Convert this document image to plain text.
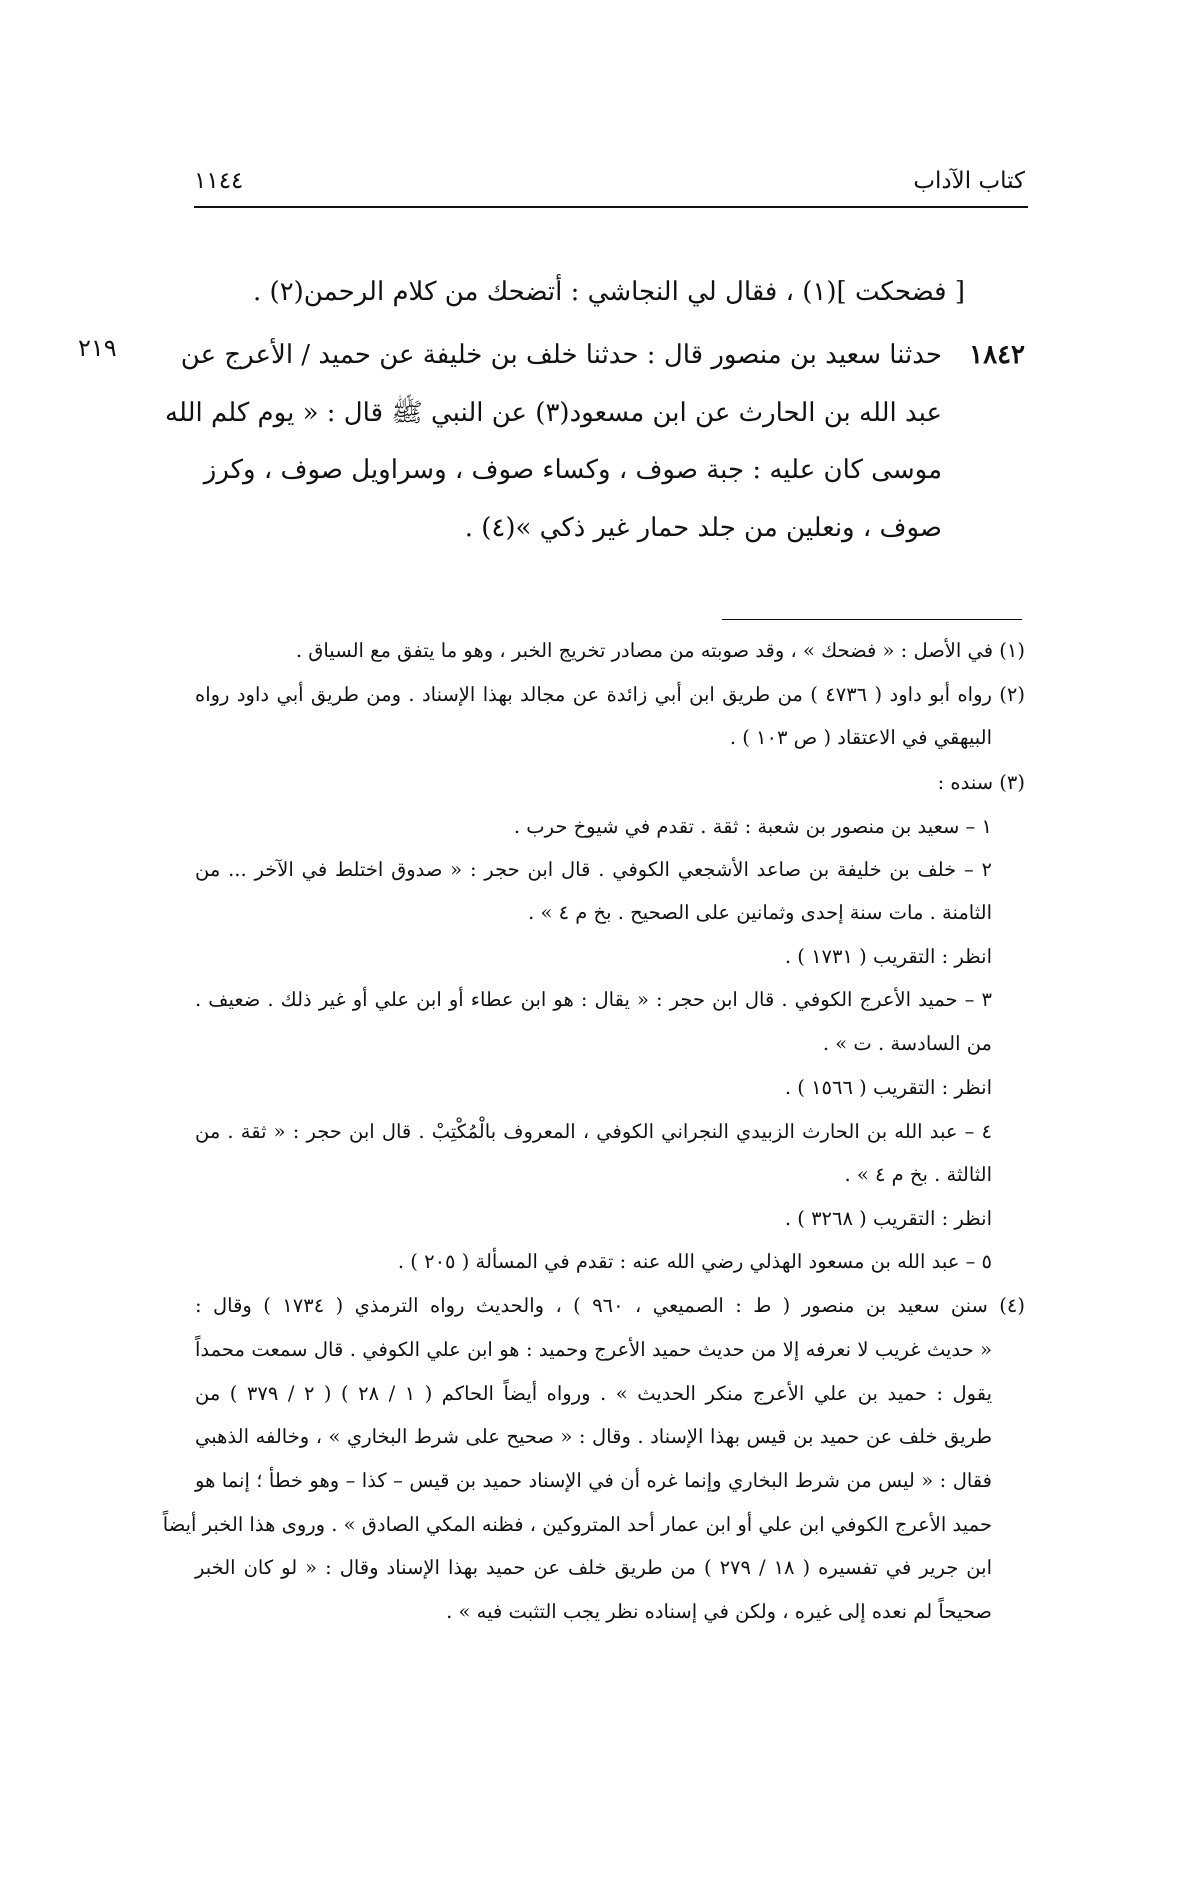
كتاب الآداب
١١٤٤
٢١٩
[ فضحكت ](١) ، فقال لي النجاشي : أتضحك من كلام الرحمن(٢) .
١٨٤٢
حدثنا سعيد بن منصور قال : حدثنا خلف بن خليفة عن حميد / الأعرج عن
عبد الله بن الحارث عن ابن مسعود(٣) عن النبي ﷺ قال : « يوم كلم الله
موسى كان عليه : جبة صوف ، وكساء صوف ، وسراويل صوف ، وكرز
صوف ، ونعلين من جلد حمار غير ذكي »(٤) .
(١) في الأصل : « فضحك » ، وقد صوبته من مصادر تخريج الخبر ، وهو ما يتفق مع السياق .
(٢) رواه أبو داود ( ٤٧٣٦ ) من طريق ابن أبي زائدة عن مجالد بهذا الإسناد . ومن طريق أبي داود رواه
البيهقي في الاعتقاد ( ص ١٠٣ ) .
(٣) سنده :
١ – سعيد بن منصور بن شعبة : ثقة . تقدم في شيوخ حرب .
٢ – خلف بن خليفة بن صاعد الأشجعي الكوفي . قال ابن حجر : « صدوق اختلط في الآخر ... من
الثامنة . مات سنة إحدى وثمانين على الصحيح . بخ م ٤ » .
انظر : التقريب ( ١٧٣١ ) .
٣ – حميد الأعرج الكوفي . قال ابن حجر : « يقال : هو ابن عطاء أو ابن علي أو غير ذلك . ضعيف .
من السادسة . ت » .
انظر : التقريب ( ١٥٦٦ ) .
٤ – عبد الله بن الحارث الزبيدي النجراني الكوفي ، المعروف بالْمُكْتِبْ . قال ابن حجر : « ثقة . من
الثالثة . بخ م ٤ » .
انظر : التقريب ( ٣٢٦٨ ) .
٥ – عبد الله بن مسعود الهذلي رضي الله عنه : تقدم في المسألة ( ٢٠٥ ) .
(٤) سنن سعيد بن منصور ( ط : الصميعي ، ٩٦٠ ) ، والحديث رواه الترمذي ( ١٧٣٤ ) وقال :
« حديث غريب لا نعرفه إلا من حديث حميد الأعرج وحميد : هو ابن علي الكوفي . قال سمعت محمداً
يقول : حميد بن علي الأعرج منكر الحديث » . ورواه أيضاً الحاكم ( ١ / ٢٨ ) ( ٢ / ٣٧٩ ) من
طريق خلف عن حميد بن قيس بهذا الإسناد . وقال : « صحيح على شرط البخاري » ، وخالفه الذهبي
فقال : « ليس من شرط البخاري وإنما غره أن في الإسناد حميد بن قيس – كذا – وهو خطأ ؛ إنما هو
حميد الأعرج الكوفي ابن علي أو ابن عمار أحد المتروكين ، فظنه المكي الصادق » . وروى هذا الخبر أيضاً
ابن جرير في تفسيره ( ١٨ / ٢٧٩ ) من طريق خلف عن حميد بهذا الإسناد وقال : « لو كان الخبر
صحيحاً لم نعده إلى غيره ، ولكن في إسناده نظر يجب التثبت فيه » .
